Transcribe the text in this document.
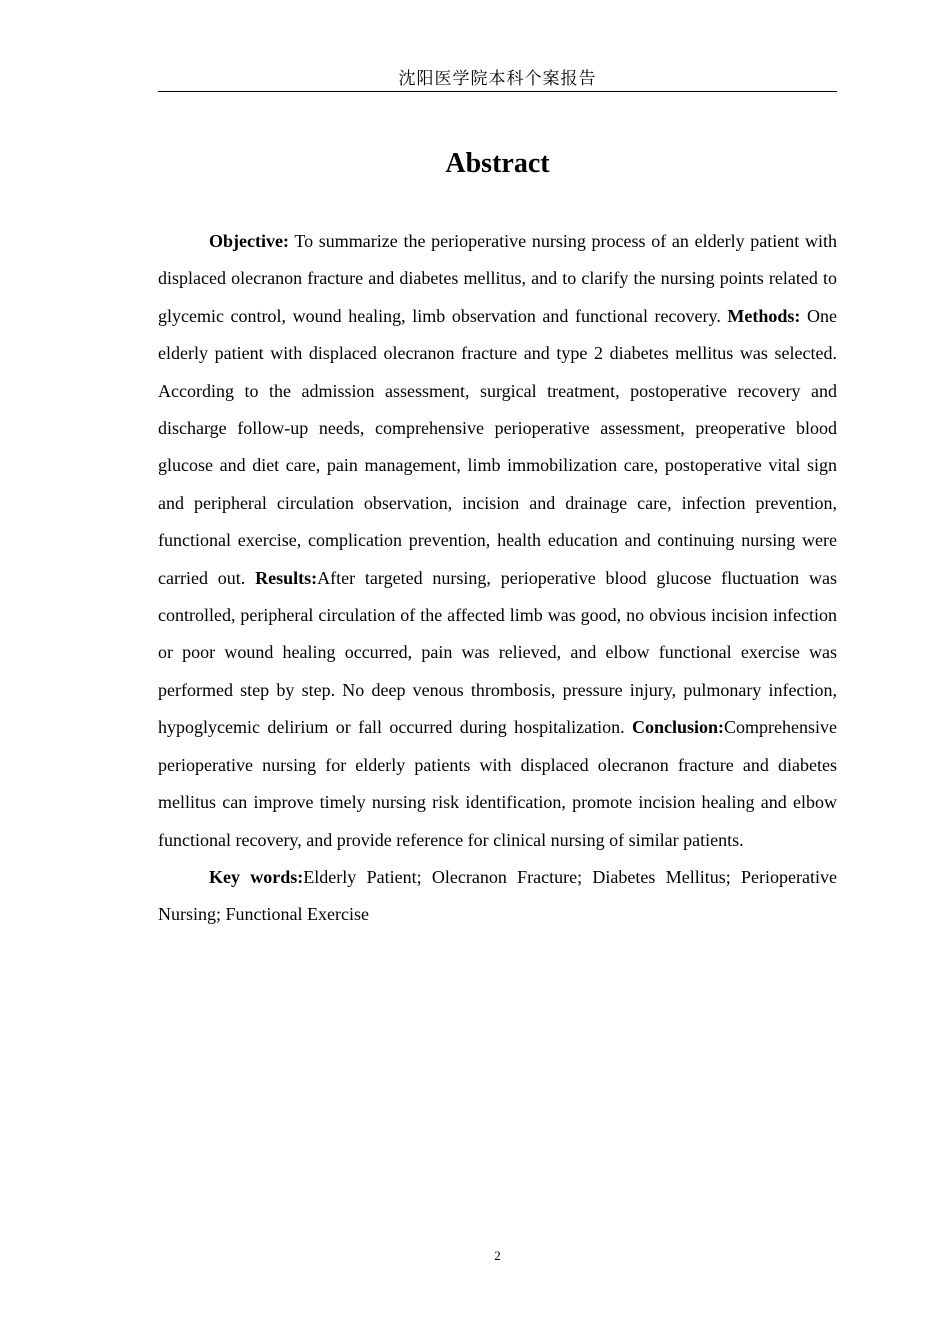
沈阳医学院本科个案报告
Abstract

Objective: To summarize the perioperative nursing process of an elderly patient with displaced olecranon fracture and diabetes mellitus, and to clarify the nursing points related to glycemic control, wound healing, limb observation and functional recovery. Methods: One elderly patient with displaced olecranon fracture and type 2 diabetes mellitus was selected. According to the admission assessment, surgical treatment, postoperative recovery and discharge follow-up needs, comprehensive perioperative assessment, preoperative blood glucose and diet care, pain management, limb immobilization care, postoperative vital sign and peripheral circulation observation, incision and drainage care, infection prevention, functional exercise, complication prevention, health education and continuing nursing were carried out. Results:After targeted nursing, perioperative blood glucose fluctuation was controlled, peripheral circulation of the affected limb was good, no obvious incision infection or poor wound healing occurred, pain was relieved, and elbow functional exercise was performed step by step. No deep venous thrombosis, pressure injury, pulmonary infection, hypoglycemic delirium or fall occurred during hospitalization. Conclusion:Comprehensive perioperative nursing for elderly patients with displaced olecranon fracture and diabetes mellitus can improve timely nursing risk identification, promote incision healing and elbow functional recovery, and provide reference for clinical nursing of similar patients.

Key words:Elderly Patient; Olecranon Fracture; Diabetes Mellitus; Perioperative Nursing; Functional Exercise

2
